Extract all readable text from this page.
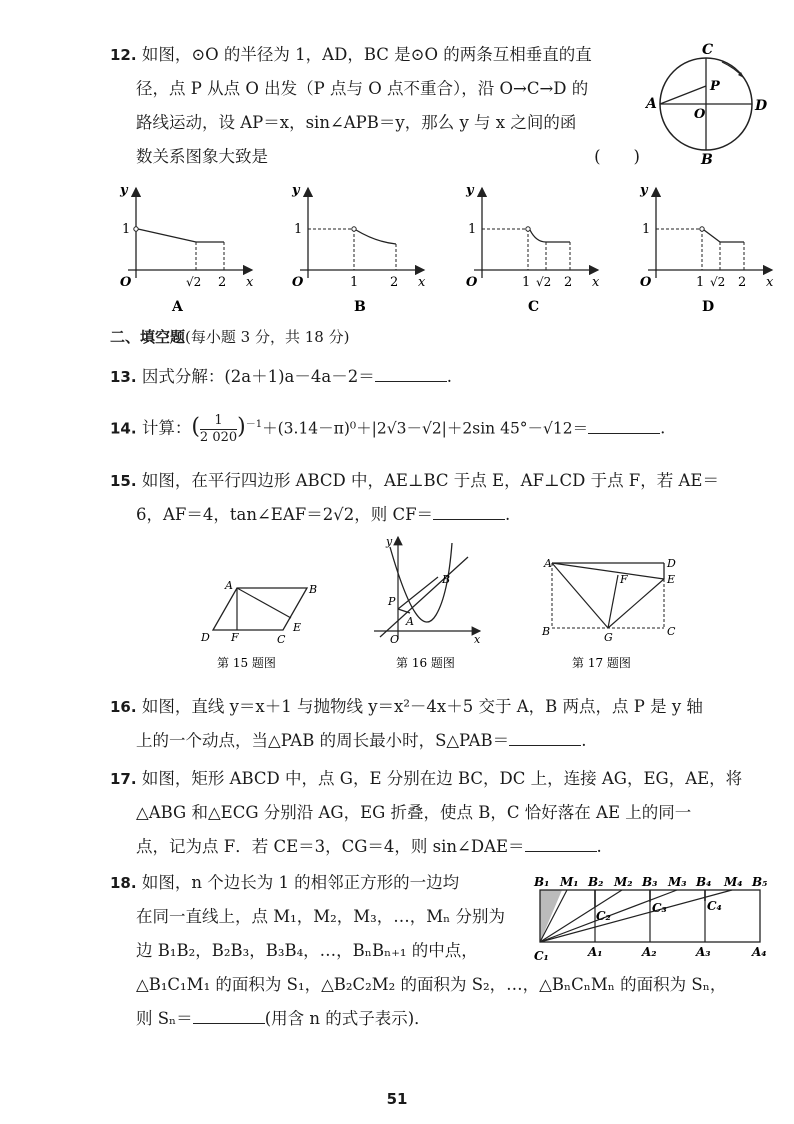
12. 如图，⊙O 的半径为 1，AD，BC 是⊙O 的两条互相垂直的直
径，点 P 从点 O 出发（P 点与 O 点不重合），沿 O→C→D 的
路线运动，设 AP＝x，sin∠APB＝y，那么 y 与 x 之间的函
数关系图象大致是	(　　)
C
A
P
O
D
B
y
x
O
1
√2 2
A
y
x
O
1
1 2
B
y
x
O
1
1 √2 2
C
y
x
O
1
1 √2 2
D
二、填空题(每小题 3 分，共 18 分)
13. 因式分解：(2a＋1)a－4a－2＝	.
14. 计算：( $\frac{1}{2 020} )^{-1}+(3.14-\pi)^0+|2√3-√2|+2\sin$ 45°－√12＝	.
15. 如图，在平行四边形 ABCD 中，AE⊥BC 于点 E，AF⊥CD 于点 F，若 AE＝
6，AF＝4，tan∠EAF＝2√2，则 CF＝	.
A	B
C
D
E
F
第 15 题图
y
x
O
A
B
P
第 16 题图
A
B	C
D
E
F
G
第 17 题图
16. 如图，直线 y＝x＋1 与抛物线 y＝x²－4x＋5 交于 A，B 两点，点 P 是 y 轴
上的一个动点，当△PAB 的周长最小时，S△PAB＝	.
17. 如图，矩形 ABCD 中，点 G，E 分别在边 BC，DC 上，连接 AG，EG，AE，将
△ABG 和△ECG 分别沿 AG，EG 折叠，使点 B，C 恰好落在 AE 上的同一
点，记为点 F．若 CE＝3，CG＝4，则 sin∠DAE＝	.
18. 如图，n 个边长为 1 的相邻正方形的一边均
在同一直线上，点 M₁，M₂，M₃，…，Mₙ 分别为
边 B₁B₂，B₂B₃，B₃B₄，…，BₙBₙ₊₁ 的中点，
△B₁C₁M₁ 的面积为 S₁，△B₂C₂M₂ 的面积为 S₂，…，△BₙCₙMₙ 的面积为 Sₙ，
则 Sₙ＝	(用含 n 的式子表示)．
B₁ M₁ B₂ M₂ B₃ M₃ B₄ M₄ B₅
C₁	A₁	A₂	A₃	A₄
C₂
C₃	C₄
51
